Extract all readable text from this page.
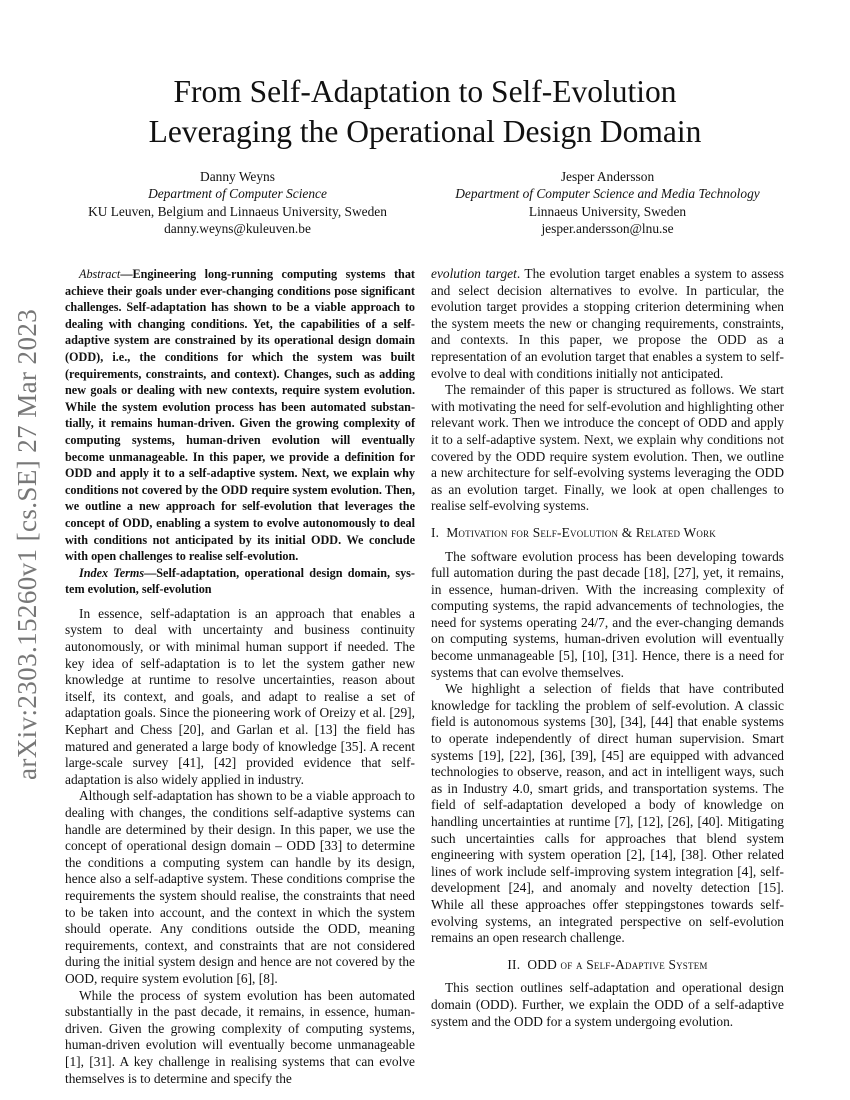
arXiv:2303.15260v1 [cs.SE] 27 Mar 2023
From Self-Adaptation to Self-Evolution
Leveraging the Operational Design Domain
Danny Weyns
Department of Computer Science
KU Leuven, Belgium and Linnaeus University, Sweden
danny.weyns@kuleuven.be
Jesper Andersson
Department of Computer Science and Media Technology
Linnaeus University, Sweden
jesper.andersson@lnu.se

Abstract—Engineering long-running computing systems that achieve their goals under ever-changing conditions pose significant challenges. Self-adaptation has shown to be a viable approach to dealing with changing conditions. Yet, the capabilities of a self-adaptive system are constrained by its operational design domain (ODD), i.e., the conditions for which the system was built (requirements, constraints, and context). Changes, such as adding new goals or dealing with new contexts, require system evolution. While the system evolution process has been automated substantially, it remains human-driven. Given the growing complexity of computing systems, human-driven evolution will eventually become unmanageable. In this paper, we provide a definition for ODD and apply it to a self-adaptive system. Next, we explain why conditions not covered by the ODD require system evolution. Then, we outline a new approach for self-evolution that leverages the concept of ODD, enabling a system to evolve autonomously to deal with conditions not anticipated by its initial ODD. We conclude with open challenges to realise self-evolution.

Index Terms—Self-adaptation, operational design domain, system evolution, self-evolution

In essence, self-adaptation is an approach that enables a system to deal with uncertainty and business continuity autonomously, or with minimal human support if needed. The key idea of self-adaptation is to let the system gather new knowledge at runtime to resolve uncertainties, reason about itself, its context, and goals, and adapt to realise a set of adaptation goals. Since the pioneering work of Oreizy et al. [29], Kephart and Chess [20], and Garlan et al. [13] the field has matured and generated a large body of knowledge [35]. A recent large-scale survey [41], [42] provided evidence that self-adaptation is also widely applied in industry.

Although self-adaptation has shown to be a viable approach to dealing with changes, the conditions self-adaptive systems can handle are determined by their design. In this paper, we use the concept of operational design domain – ODD [33] to determine the conditions a computing system can handle by its design, hence also a self-adaptive system. These conditions comprise the requirements the system should realise, the constraints that need to be taken into account, and the context in which the system should operate. Any conditions outside the ODD, meaning requirements, context, and constraints that are not considered during the initial system design and hence are not covered by the OOD, require system evolution [6], [8].

While the process of system evolution has been automated substantially in the past decade, it remains, in essence, human-driven. Given the growing complexity of computing systems, human-driven evolution will eventually become unmanageable [1], [31]. A key challenge in realising systems that can evolve themselves is to determine and specify the

evolution target. The evolution target enables a system to assess and select decision alternatives to evolve. In particular, the evolution target provides a stopping criterion determining when the system meets the new or changing requirements, constraints, and contexts. In this paper, we propose the ODD as a representation of an evolution target that enables a system to self-evolve to deal with conditions initially not anticipated.

The remainder of this paper is structured as follows. We start with motivating the need for self-evolution and highlighting other relevant work. Then we introduce the concept of ODD and apply it to a self-adaptive system. Next, we explain why conditions not covered by the ODD require system evolution. Then, we outline a new architecture for self-evolving systems leveraging the ODD as an evolution target. Finally, we look at open challenges to realise self-evolving systems.

I. Motivation for Self-Evolution & Related Work

The software evolution process has been developing towards full automation during the past decade [18], [27], yet, it remains, in essence, human-driven. With the increasing complexity of computing systems, the rapid advancements of technologies, the need for systems operating 24/7, and the ever-changing demands on computing systems, human-driven evolution will eventually become unmanageable [5], [10], [31]. Hence, there is a need for systems that can evolve themselves.

We highlight a selection of fields that have contributed knowledge for tackling the problem of self-evolution. A classic field is autonomous systems [30], [34], [44] that enable systems to operate independently of direct human supervision. Smart systems [19], [22], [36], [39], [45] are equipped with advanced technologies to observe, reason, and act in intelligent ways, such as in Industry 4.0, smart grids, and transportation systems. The field of self-adaptation developed a body of knowledge on handling uncertainties at runtime [7], [12], [26], [40]. Mitigating such uncertainties calls for approaches that blend system engineering with system operation [2], [14], [38]. Other related lines of work include self-improving system integration [4], self-development [24], and anomaly and novelty detection [15]. While all these approaches offer steppingstones towards self-evolving systems, an integrated perspective on self-evolution remains an open research challenge.

II. ODD of a Self-Adaptive System

This section outlines self-adaptation and operational design domain (ODD). Further, we explain the ODD of a self-adaptive system and the ODD for a system undergoing evolution.
